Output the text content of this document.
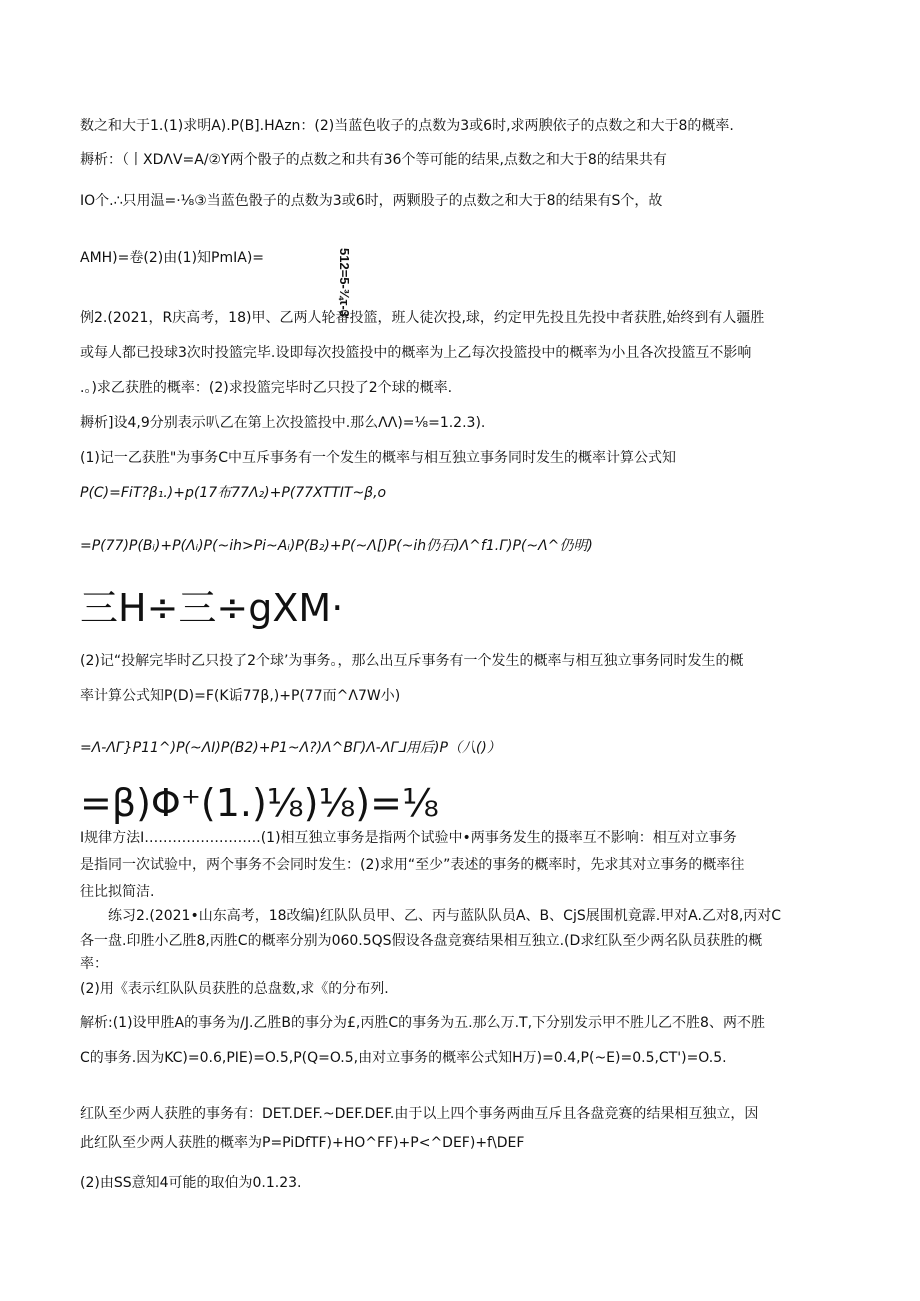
数之和大于1.(1)求明A).P(B].HAzn：(2)当蓝色收子的点数为3或6时,求两腴依子的点数之和大于8的概率.
耨析：（丨XDΛV=A/②Y两个骰子的点数之和共有36个等可能的结果,点数之和大于8的结果共有
IO个.∴只用温=·⅛③当蓝色骰子的点数为3或6时，两颗股子的点数之和大于8的结果有S个，故
AMH)=卷(2)由(1)知PmIA)=	512=5-¾τ-3
例2.(2021，R庆高考，18)甲、乙两人轮番投篮，班人徒次投,球，约定甲先投且先投中者获胜,始终到有人疆胜
或每人都已投球3次时投篮完毕.设即每次投篮投中的概率为上乙每次投篮投中的概率为小且各次投篮互不影响
.。)求乙获胜的概率：(2)求投篮完毕时乙只投了2个球的概率.
耨析]设4,9分别表示叭乙在第上次投篮投中.那么ΛΛ)=⅛=1.2.3).
(1)记一乙获胜"为事务C中互斥事务有一个发生的概率与相互独立事务同时发生的概率计算公式知
P(C)=FiT?β₁.)+p(17布77Λ₂)+P(77XTTIT~β,o
=P(77)P(Bᵢ)+P(Λᵢ)P(~ih>Pi~Aᵢ)P(B₂)+P(~Λ[)P(~ih仍石)Λ^f1.Γ)P(~Λ^仍明)
三H÷三÷gXM·
(2)记“投解完毕时乙只投了2个球’为事务。，那么出互斥事务有一个发生的概率与相互独立事务同时发生的概
率计算公式知P(D)=F(K诟77β,)+P(77而^Λ7W小)
=Λ-ΛΓ}P11^)P(~ΛI)P(B2)+P1~Λ?)Λ^BΓ)Λ-ΛΓ⅃用后)P（八()）
=β)Φ⁺(1.)⅛)⅛)=⅛
I规律方法I…………………….(1)相互独立事务是指两个试验中•两事务发生的摄率互不影响：相互对立事务
是指同一次试验中，两个事务不会同时发生：(2)求用“至少”表述的事务的概率时，先求其对立事务的概率往
往比拟简洁.
练习2.(2021•山东高考，18改编)红队队员甲、乙、丙与蓝队队员A、B、CjS展围机竟霹.甲对A.乙对8,丙对C
各一盘.印胜小乙胜8,丙胜C的概率分别为060.5QS假设各盘竞赛结果相互独立.(D求红队至少两名队员获胜的概
率：
(2)用《表示红队队员获胜的总盘数,求《的分布列.
解析:(1)设甲胜A的事务为/J.乙胜B的事分为£,丙胜C的事务为五.那么万.T,下分别发示甲不胜儿乙不胜8、两不胜
C的事务.因为KC)=0.6,PIE)=O.5,P(Q=O.5,由对立事务的概率公式知H万)=0.4,P(~E)=0.5,CT')=O.5.
红队至少两人获胜的事务有：DET.DEF.~DEF.DEF.由于以上四个事务两曲互斥且各盘竞赛的结果相互独立，因
此红队至少两人获胜的概率为P=PiDfTF)+HO^FF)+P<^DEF)+f\DEF
(2)由SS意知4可能的取伯为0.1.23.
